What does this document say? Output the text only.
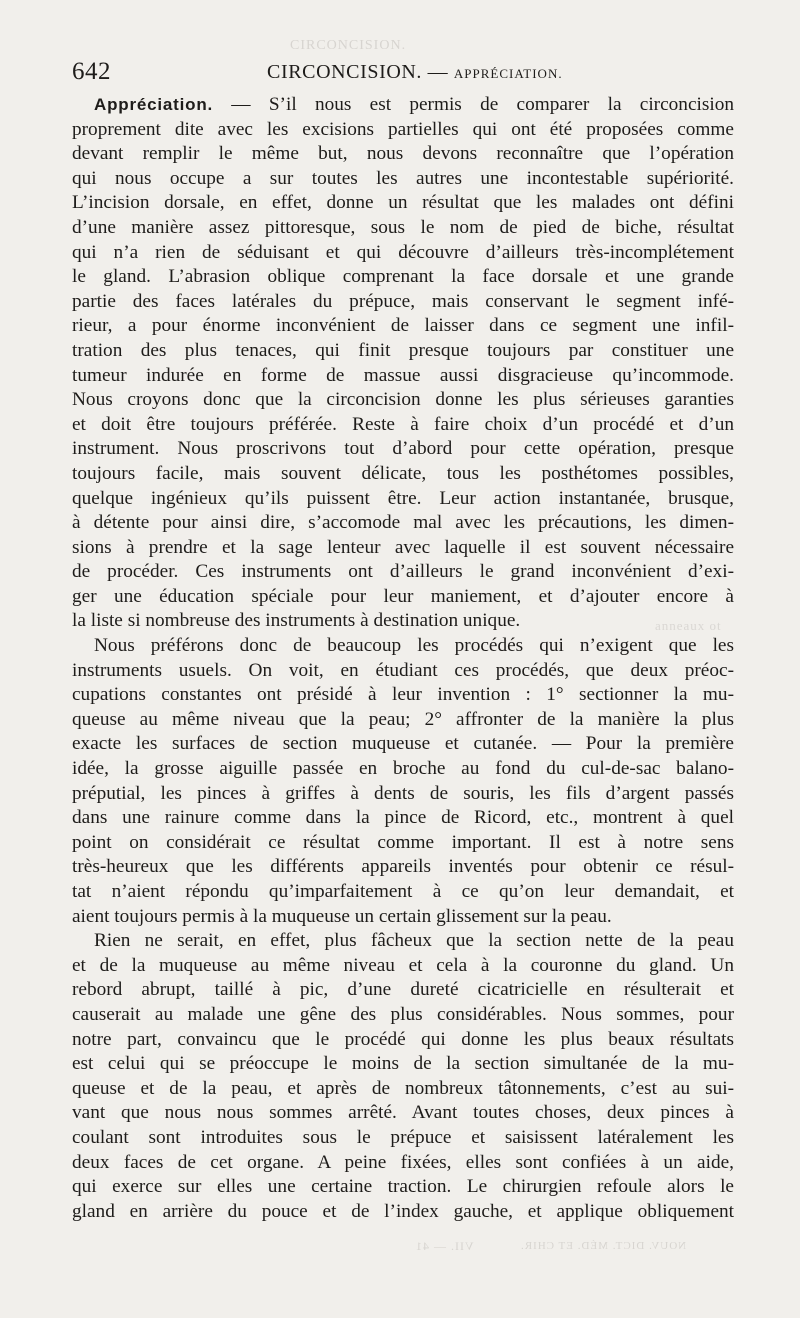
CIRCONCISION.
anneaux ot
VII. — 41	NOUV. DICT. MÉD. ET CHIR.
642	CIRCONCISION. — APPRÉCIATION.
Appréciation. — S’il nous est permis de comparer la circoncision
proprement dite avec les excisions partielles qui ont été proposées comme
devant remplir le même but, nous devons reconnaître que l’opération
qui nous occupe a sur toutes les autres une incontestable supériorité.
L’incision dorsale, en effet, donne un résultat que les malades ont défini
d’une manière assez pittoresque, sous le nom de pied de biche, résultat
qui n’a rien de séduisant et qui découvre d’ailleurs très-incomplétement
le gland. L’abrasion oblique comprenant la face dorsale et une grande
partie des faces latérales du prépuce, mais conservant le segment infé-
rieur, a pour énorme inconvénient de laisser dans ce segment une infil-
tration des plus tenaces, qui finit presque toujours par constituer une
tumeur indurée en forme de massue aussi disgracieuse qu’incommode.
Nous croyons donc que la circoncision donne les plus sérieuses garanties
et doit être toujours préférée. Reste à faire choix d’un procédé et d’un
instrument. Nous proscrivons tout d’abord pour cette opération, presque
toujours facile, mais souvent délicate, tous les posthétomes possibles,
quelque ingénieux qu’ils puissent être. Leur action instantanée, brusque,
à détente pour ainsi dire, s’accomode mal avec les précautions, les dimen-
sions à prendre et la sage lenteur avec laquelle il est souvent nécessaire
de procéder. Ces instruments ont d’ailleurs le grand inconvénient d’exi-
ger une éducation spéciale pour leur maniement, et d’ajouter encore à
la liste si nombreuse des instruments à destination unique.
Nous préférons donc de beaucoup les procédés qui n’exigent que les
instruments usuels. On voit, en étudiant ces procédés, que deux préoc-
cupations constantes ont présidé à leur invention : 1° sectionner la mu-
queuse au même niveau que la peau; 2° affronter de la manière la plus
exacte les surfaces de section muqueuse et cutanée. — Pour la première
idée, la grosse aiguille passée en broche au fond du cul-de-sac balano-
préputial, les pinces à griffes à dents de souris, les fils d’argent passés
dans une rainure comme dans la pince de Ricord, etc., montrent à quel
point on considérait ce résultat comme important. Il est à notre sens
très-heureux que les différents appareils inventés pour obtenir ce résul-
tat n’aient répondu qu’imparfaitement à ce qu’on leur demandait, et
aient toujours permis à la muqueuse un certain glissement sur la peau.
Rien ne serait, en effet, plus fâcheux que la section nette de la peau
et de la muqueuse au même niveau et cela à la couronne du gland. Un
rebord abrupt, taillé à pic, d’une dureté cicatricielle en résulterait et
causerait au malade une gêne des plus considérables. Nous sommes, pour
notre part, convaincu que le procédé qui donne les plus beaux résultats
est celui qui se préoccupe le moins de la section simultanée de la mu-
queuse et de la peau, et après de nombreux tâtonnements, c’est au sui-
vant que nous nous sommes arrêté. Avant toutes choses, deux pinces à
coulant sont introduites sous le prépuce et saisissent latéralement les
deux faces de cet organe. A peine fixées, elles sont confiées à un aide,
qui exerce sur elles une certaine traction. Le chirurgien refoule alors le
gland en arrière du pouce et de l’index gauche, et applique obliquement
